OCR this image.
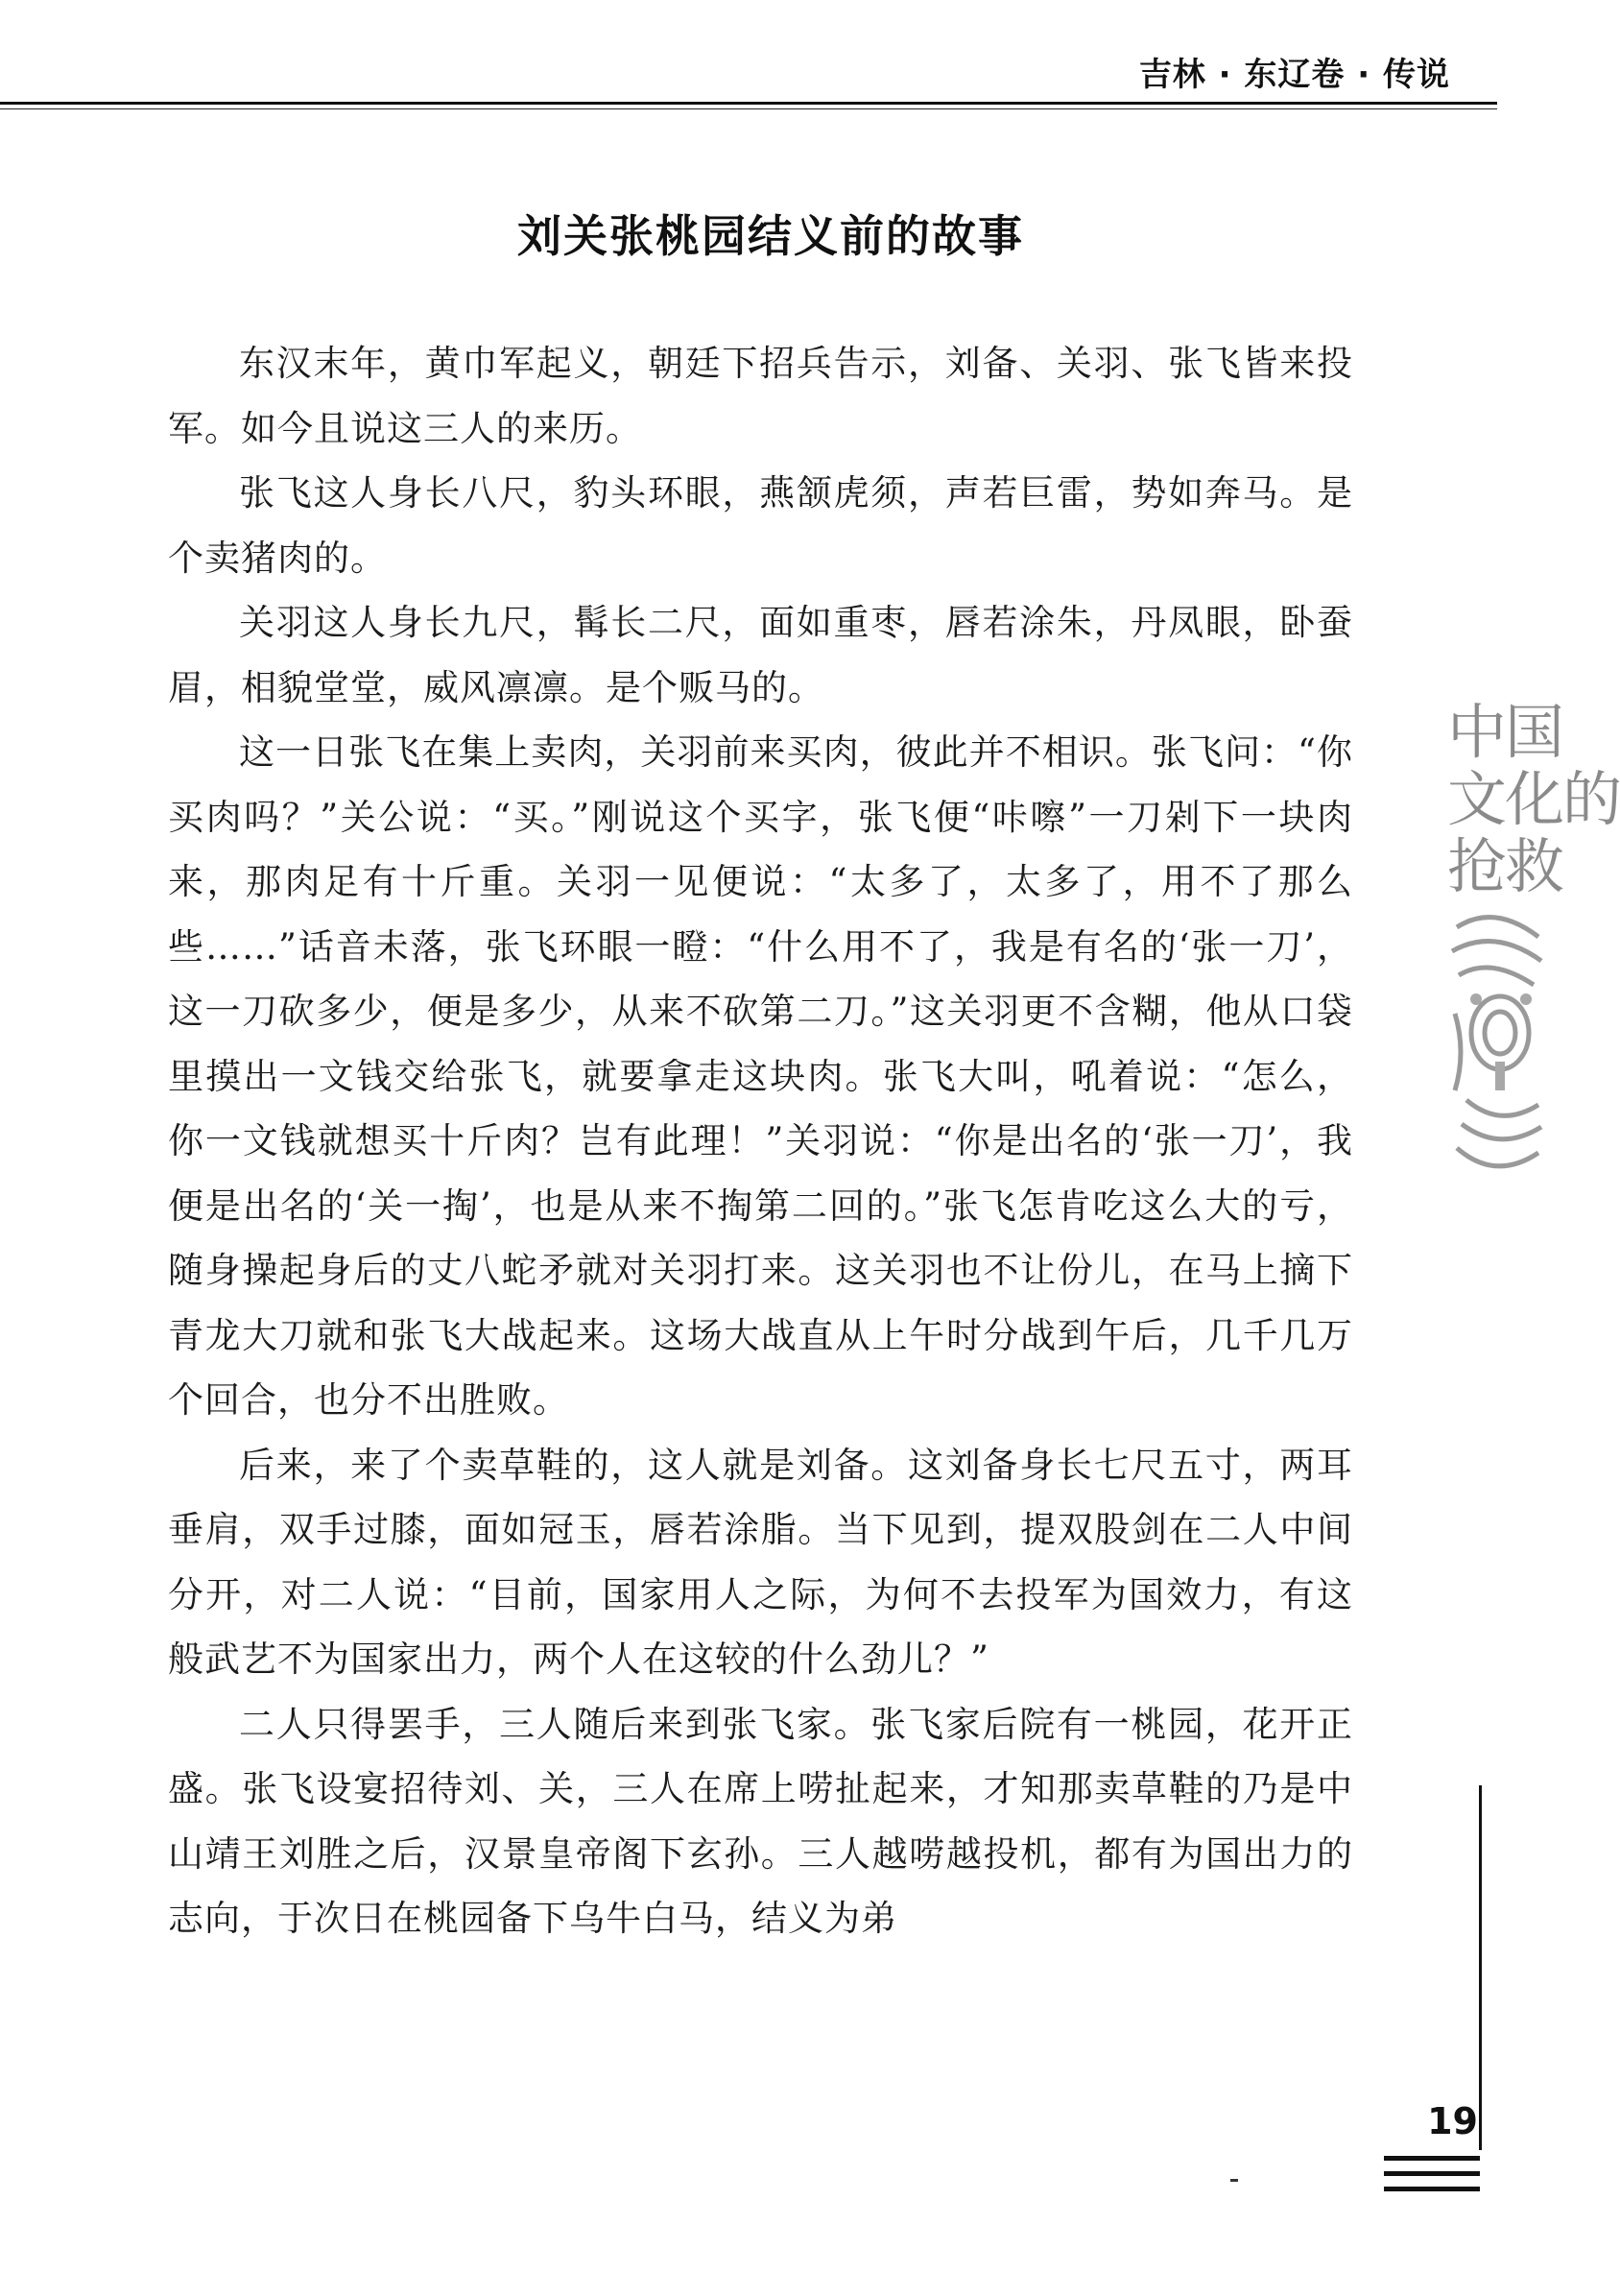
吉林 · 东辽卷 · 传说
刘关张桃园结义前的故事

东汉末年，黄巾军起义，朝廷下招兵告示，刘备、关羽、张飞皆来投军。如今且说这三人的来历。

张飞这人身长八尺，豹头环眼，燕颔虎须，声若巨雷，势如奔马。是个卖猪肉的。

关羽这人身长九尺，髯长二尺，面如重枣，唇若涂朱，丹凤眼，卧蚕眉，相貌堂堂，威风凛凛。是个贩马的。

这一日张飞在集上卖肉，关羽前来买肉，彼此并不相识。张飞问：“你买肉吗？”关公说：“买。”刚说这个买字，张飞便“咔嚓”一刀剁下一块肉来，那肉足有十斤重。关羽一见便说：“太多了，太多了，用不了那么些……”话音未落，张飞环眼一瞪：“什么用不了，我是有名的‘张一刀’，这一刀砍多少，便是多少，从来不砍第二刀。”这关羽更不含糊，他从口袋里摸出一文钱交给张飞，就要拿走这块肉。张飞大叫，吼着说：“怎么，你一文钱就想买十斤肉？岂有此理！”关羽说：“你是出名的‘张一刀’，我便是出名的‘关一掏’，也是从来不掏第二回的。”张飞怎肯吃这么大的亏，随身操起身后的丈八蛇矛就对关羽打来。这关羽也不让份儿，在马上摘下青龙大刀就和张飞大战起来。这场大战直从上午时分战到午后，几千几万个回合，也分不出胜败。

后来，来了个卖草鞋的，这人就是刘备。这刘备身长七尺五寸，两耳垂肩，双手过膝，面如冠玉，唇若涂脂。当下见到，提双股剑在二人中间分开，对二人说：“目前，国家用人之际，为何不去投军为国效力，有这般武艺不为国家出力，两个人在这较的什么劲儿？”

二人只得罢手，三人随后来到张飞家。张飞家后院有一桃园，花开正盛。张飞设宴招待刘、关，三人在席上唠扯起来，才知那卖草鞋的乃是中山靖王刘胜之后，汉景皇帝阁下玄孙。三人越唠越投机，都有为国出力的志向，于次日在桃园备下乌牛白马，结义为弟

中国
文化的
抢救
19
